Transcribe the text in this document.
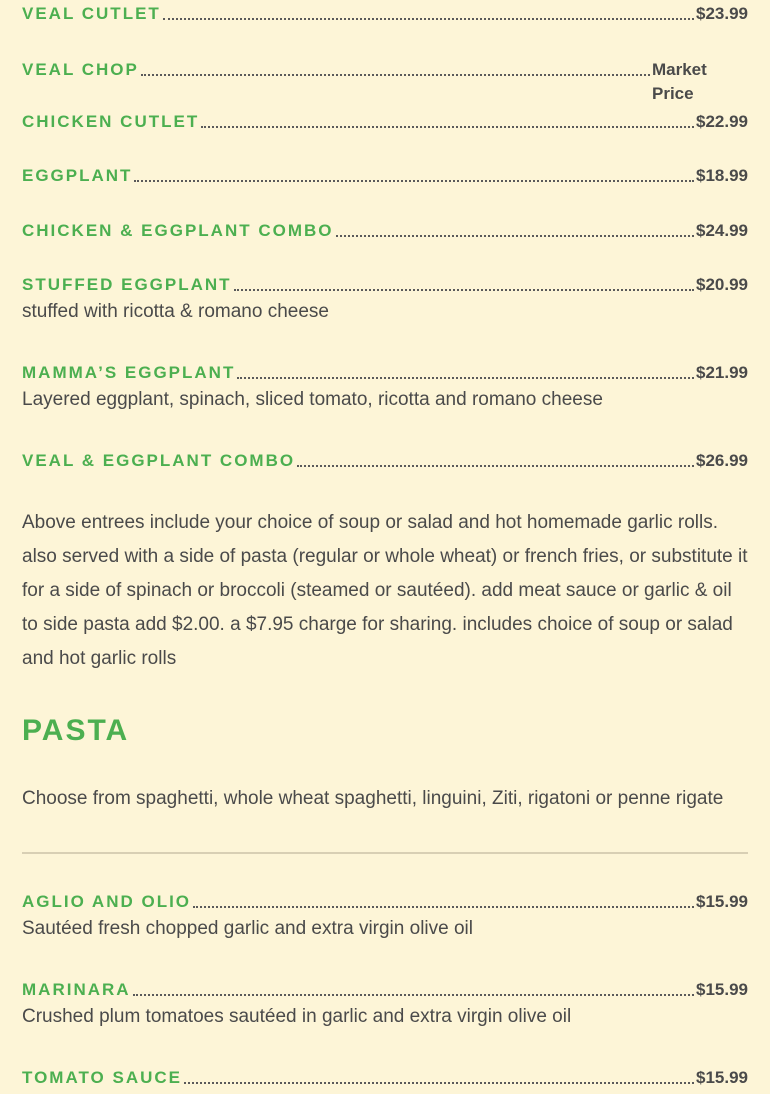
VEAL CUTLET	$23.99
VEAL CHOP	Market Price
CHICKEN CUTLET	$22.99
EGGPLANT	$18.99
CHICKEN & EGGPLANT COMBO	$24.99
STUFFED EGGPLANT	$20.99
stuffed with ricotta & romano cheese
MAMMA’S EGGPLANT	$21.99
Layered eggplant, spinach, sliced tomato, ricotta and romano cheese
VEAL & EGGPLANT COMBO	$26.99
Above entrees include your choice of soup or salad and hot homemade garlic rolls. also served with a side of pasta (regular or whole wheat) or french fries, or substitute it for a side of spinach or broccoli (steamed or sautéed). add meat sauce or garlic & oil to side pasta add $2.00. a $7.95 charge for sharing. includes choice of soup or salad and hot garlic rolls
PASTA
Choose from spaghetti, whole wheat spaghetti, linguini, Ziti, rigatoni or penne rigate
AGLIO AND OLIO	$15.99
Sautéed fresh chopped garlic and extra virgin olive oil
MARINARA	$15.99
Crushed plum tomatoes sautéed in garlic and extra virgin olive oil
TOMATO SAUCE	$15.99
